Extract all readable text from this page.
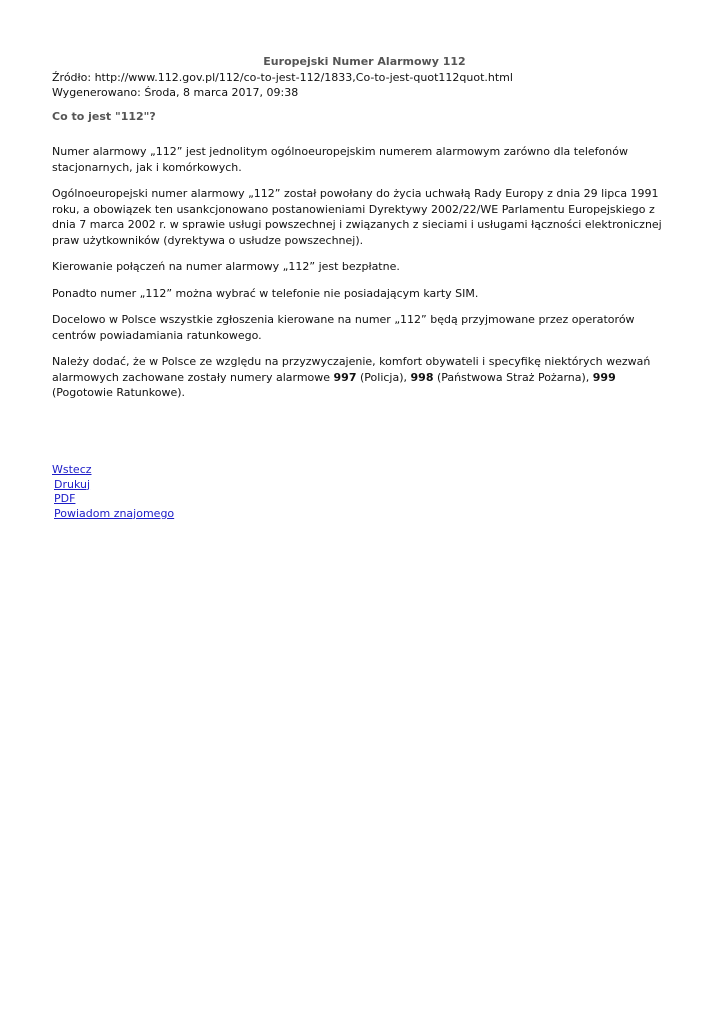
Europejski Numer Alarmowy 112

Źródło: http://www.112.gov.pl/112/co-to-jest-112/1833,Co-to-jest-quot112quot.html

Wygenerowano: Środa, 8 marca 2017, 09:38

Co to jest "112"?

Numer alarmowy „112” jest jednolitym ogólnoeuropejskim numerem alarmowym zarówno dla telefonów stacjonarnych, jak i komórkowych.

Ogólnoeuropejski numer alarmowy „112” został powołany do życia uchwałą Rady Europy z dnia 29 lipca 1991 roku, a obowiązek ten usankcjonowano postanowieniami Dyrektywy 2002/22/WE Parlamentu Europejskiego z dnia 7 marca 2002 r. w sprawie usługi powszechnej i związanych z sieciami i usługami łączności elektronicznej praw użytkowników (dyrektywa o usłudze powszechnej).

Kierowanie połączeń na numer alarmowy „112” jest bezpłatne.

Ponadto numer „112” można wybrać w telefonie nie posiadającym karty SIM.

Docelowo w Polsce wszystkie zgłoszenia kierowane na numer „112” będą przyjmowane przez operatorów centrów powiadamiania ratunkowego.

Należy dodać, że w Polsce ze względu na przyzwyczajenie, komfort obywateli i specyfikę niektórych wezwań alarmowych zachowane zostały numery alarmowe 997 (Policja), 998 (Państwowa Straż Pożarna), 999 (Pogotowie Ratunkowe).

Wstecz
Drukuj
PDF
Powiadom znajomego
